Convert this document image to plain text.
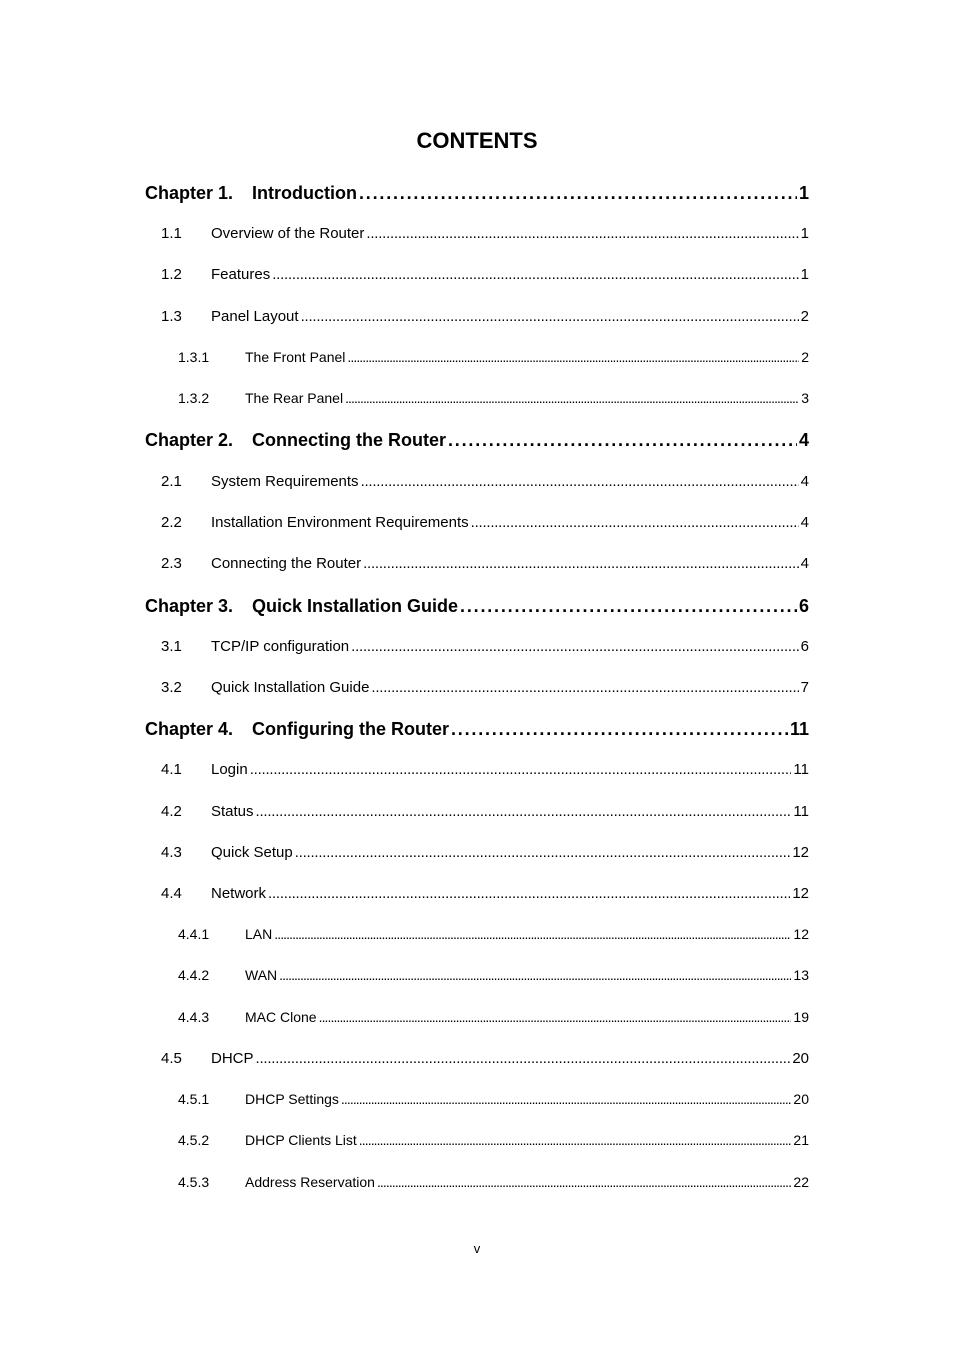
CONTENTS
Chapter 1.	Introduction . . .	1
1.1	Overview of the Router . . .	1
1.2	Features . . .	1
1.3	Panel Layout . . .	2
1.3.1	The Front Panel . . .	2
1.3.2	The Rear Panel . . .	3
Chapter 2.	Connecting the Router . . .	4
2.1	System Requirements . . .	4
2.2	Installation Environment Requirements . . .	4
2.3	Connecting the Router . . .	4
Chapter 3.	Quick Installation Guide . . .	6
3.1	TCP/IP configuration . . .	6
3.2	Quick Installation Guide . . .	7
Chapter 4.	Configuring the Router . . .	11
4.1	Login . . .	11
4.2	Status . . .	11
4.3	Quick Setup . . .	12
4.4	Network . . .	12
4.4.1	LAN . . .	12
4.4.2	WAN . . .	13
4.4.3	MAC Clone . . .	19
4.5	DHCP . . .	20
4.5.1	DHCP Settings . . .	20
4.5.2	DHCP Clients List . . .	21
4.5.3	Address Reservation . . .	22
v
